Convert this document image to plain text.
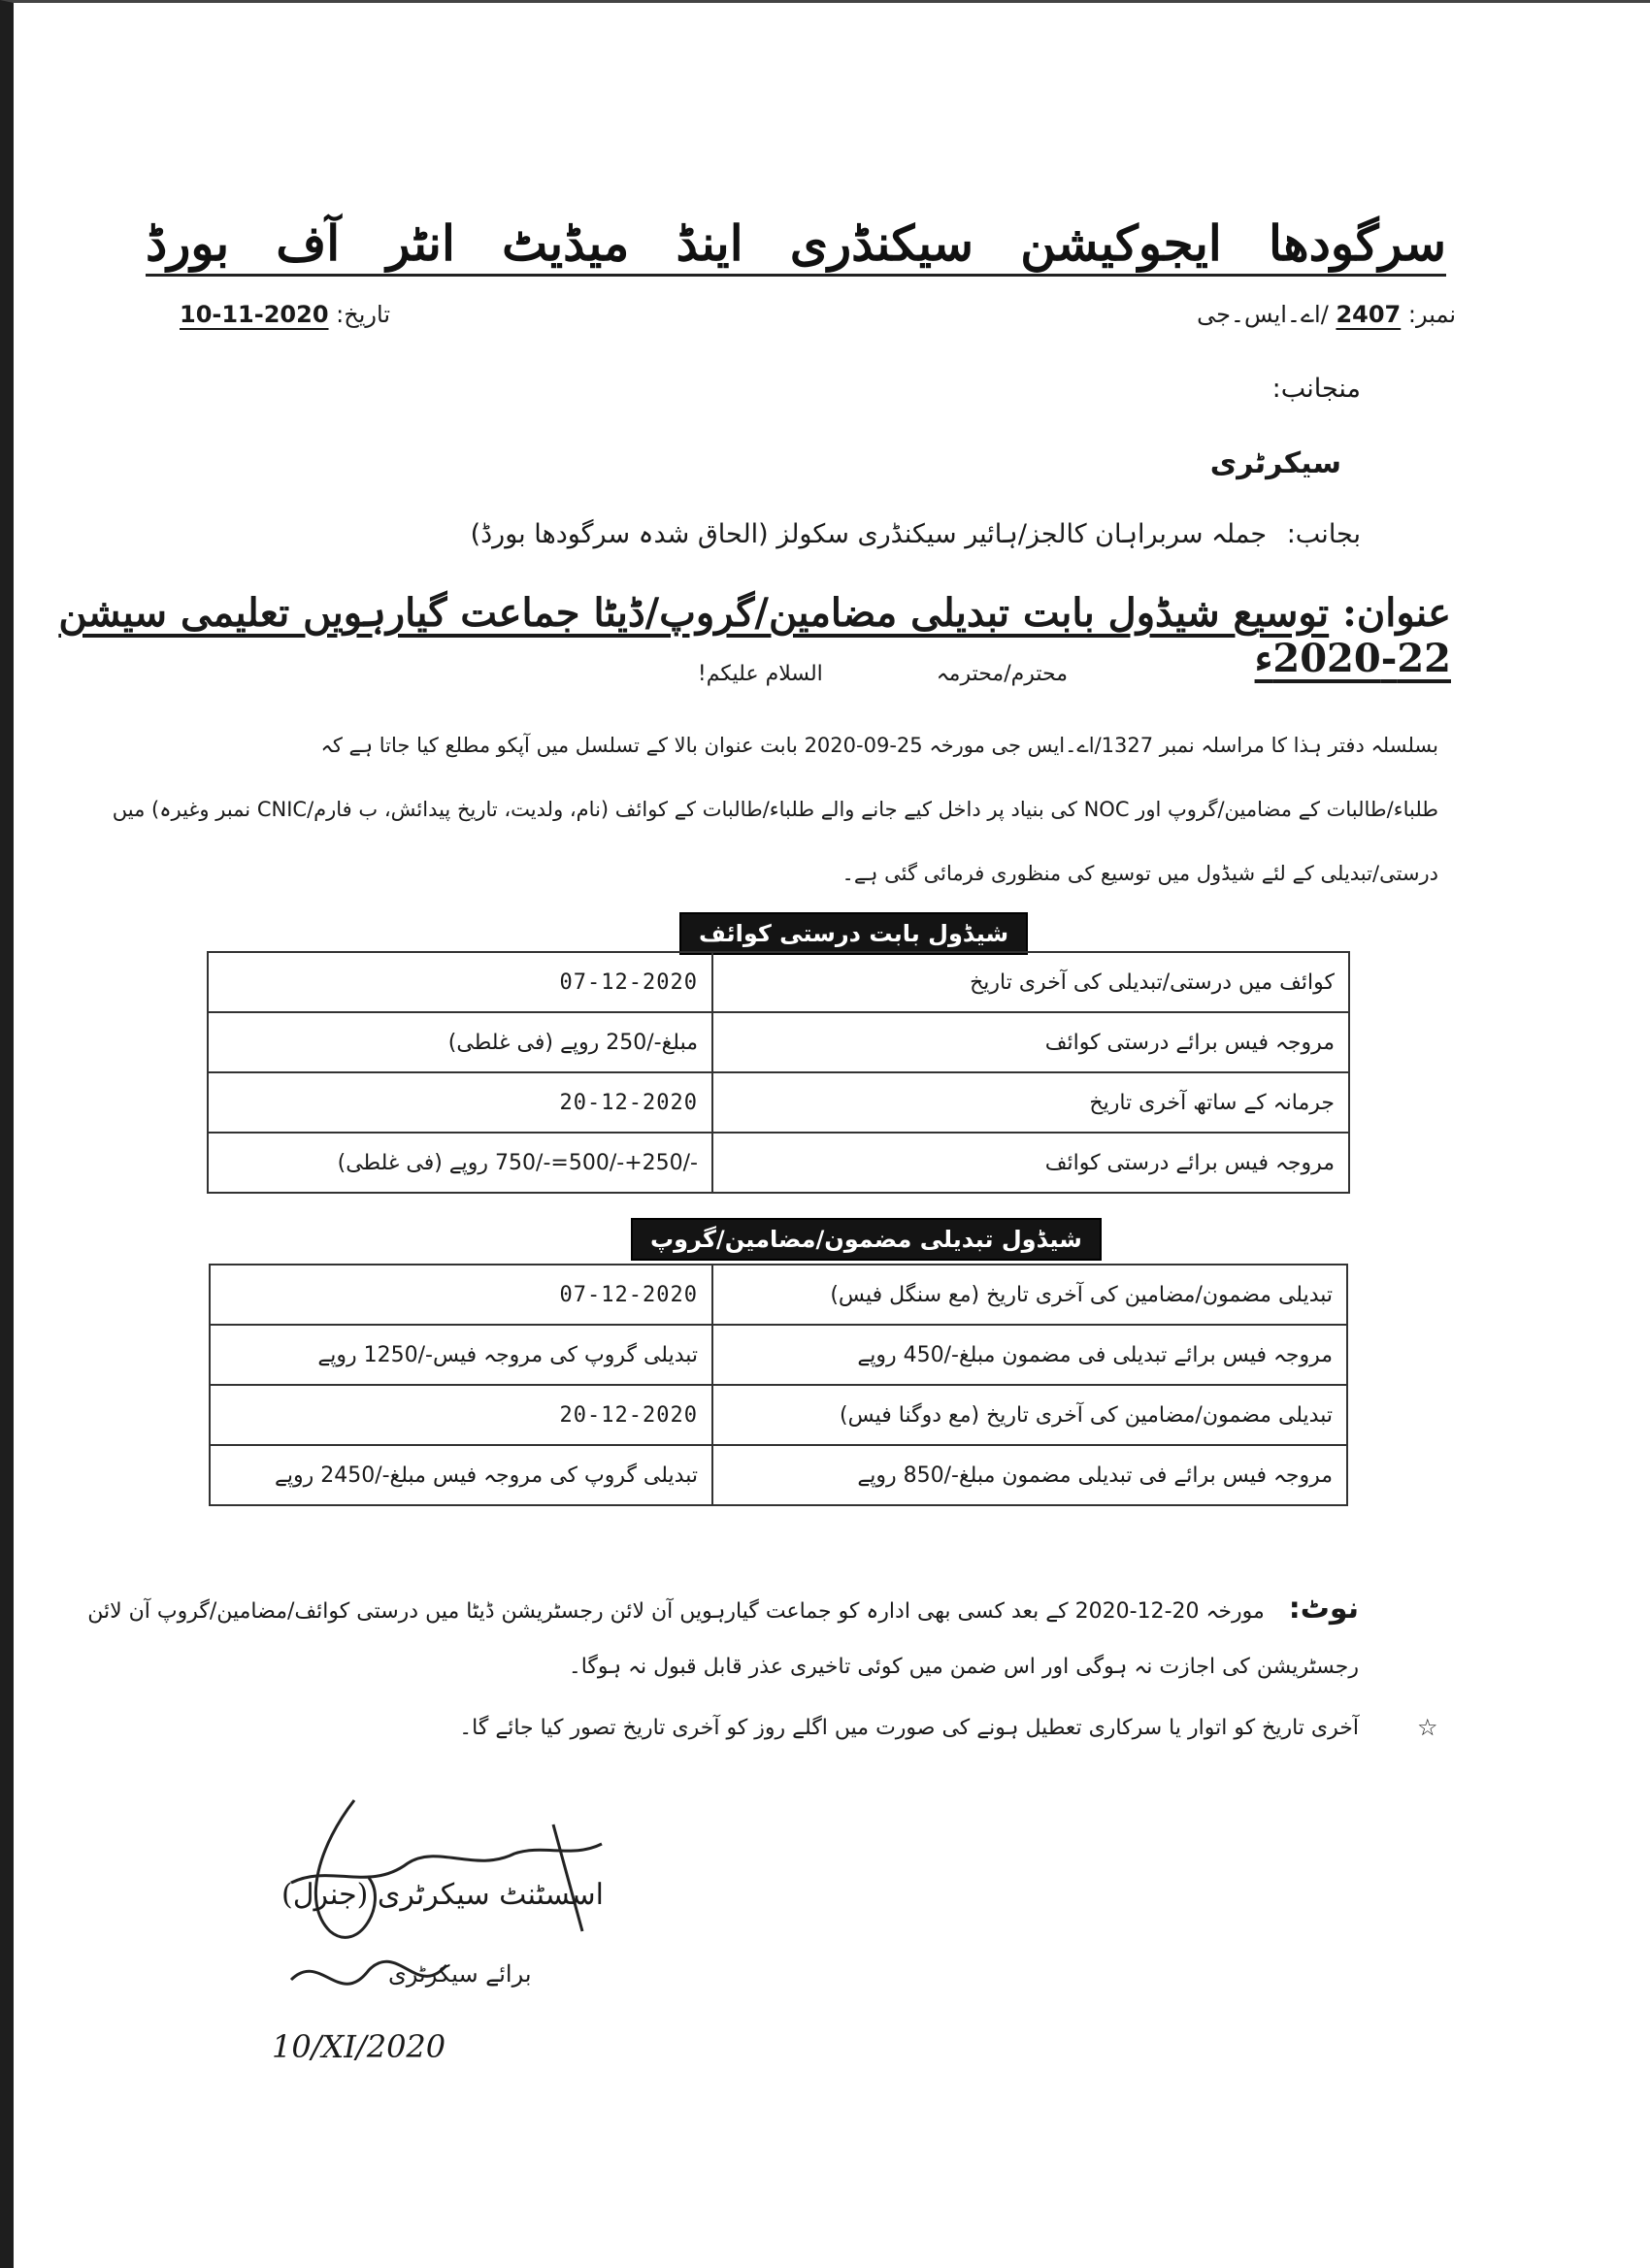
بورڈ آف انٹر میڈیٹ اینڈ سیکنڈری ایجوکیشن سرگودھا
نمبر: 2407 /اے۔ایس۔جی
تاریخ: 10-11-2020
منجانب:
سیکرٹری
بجانب: جملہ سربراہان کالجز/ہائیر سیکنڈری سکولز (الحاق شدہ سرگودھا بورڈ)
عنوان: توسیع شیڈول بابت تبدیلی مضامین/گروپ/ڈیٹا جماعت گیارہویں تعلیمی سیشن 22-2020ء
محترم/محترمہ السلام علیکم!
بسلسلہ دفتر ہذا کا مراسلہ نمبر 1327/اے۔ایس جی مورخہ 25-09-2020 بابت عنوان بالا کے تسلسل میں آپکو مطلع کیا جاتا ہے کہ
طلباء/طالبات کے مضامین/گروپ اور NOC کی بنیاد پر داخل کیے جانے والے طلباء/طالبات کے کوائف (نام، ولدیت، تاریخ پیدائش، ب فارم/CNIC نمبر وغیرہ) میں
درستی/تبدیلی کے لئے شیڈول میں توسیع کی منظوری فرمائی گئی ہے۔
شیڈول بابت درستی کوائف
07-12-2020	کوائف میں درستی/تبدیلی کی آخری تاریخ
مبلغ-/250 روپے (فی غلطی)	مروجہ فیس برائے درستی کوائف
20-12-2020	جرمانہ کے ساتھ آخری تاریخ
-/250+-/500=-/750 روپے (فی غلطی)	مروجہ فیس برائے درستی کوائف
شیڈول تبدیلی مضمون/مضامین/گروپ
07-12-2020	تبدیلی مضمون/مضامین کی آخری تاریخ (مع سنگل فیس)
تبدیلی گروپ کی مروجہ فیس-/1250 روپے	مروجہ فیس برائے تبدیلی فی مضمون مبلغ-/450 روپے
20-12-2020	تبدیلی مضمون/مضامین کی آخری تاریخ (مع دوگنا فیس)
تبدیلی گروپ کی مروجہ فیس مبلغ-/2450 روپے	مروجہ فیس برائے فی تبدیلی مضمون مبلغ-/850 روپے
نوٹ: مورخہ 20-12-2020 کے بعد کسی بھی ادارہ کو جماعت گیارہویں آن لائن رجسٹریشن ڈیٹا میں درستی کوائف/مضامین/گروپ آن لائن
رجسٹریشن کی اجازت نہ ہوگی اور اس ضمن میں کوئی تاخیری عذر قابل قبول نہ ہوگا۔
آخری تاریخ کو اتوار یا سرکاری تعطیل ہونے کی صورت میں اگلے روز کو آخری تاریخ تصور کیا جائے گا۔	☆
اسسٹنٹ سیکرٹری (جنرل)
برائے سیکرٹری
10/XI/2020
